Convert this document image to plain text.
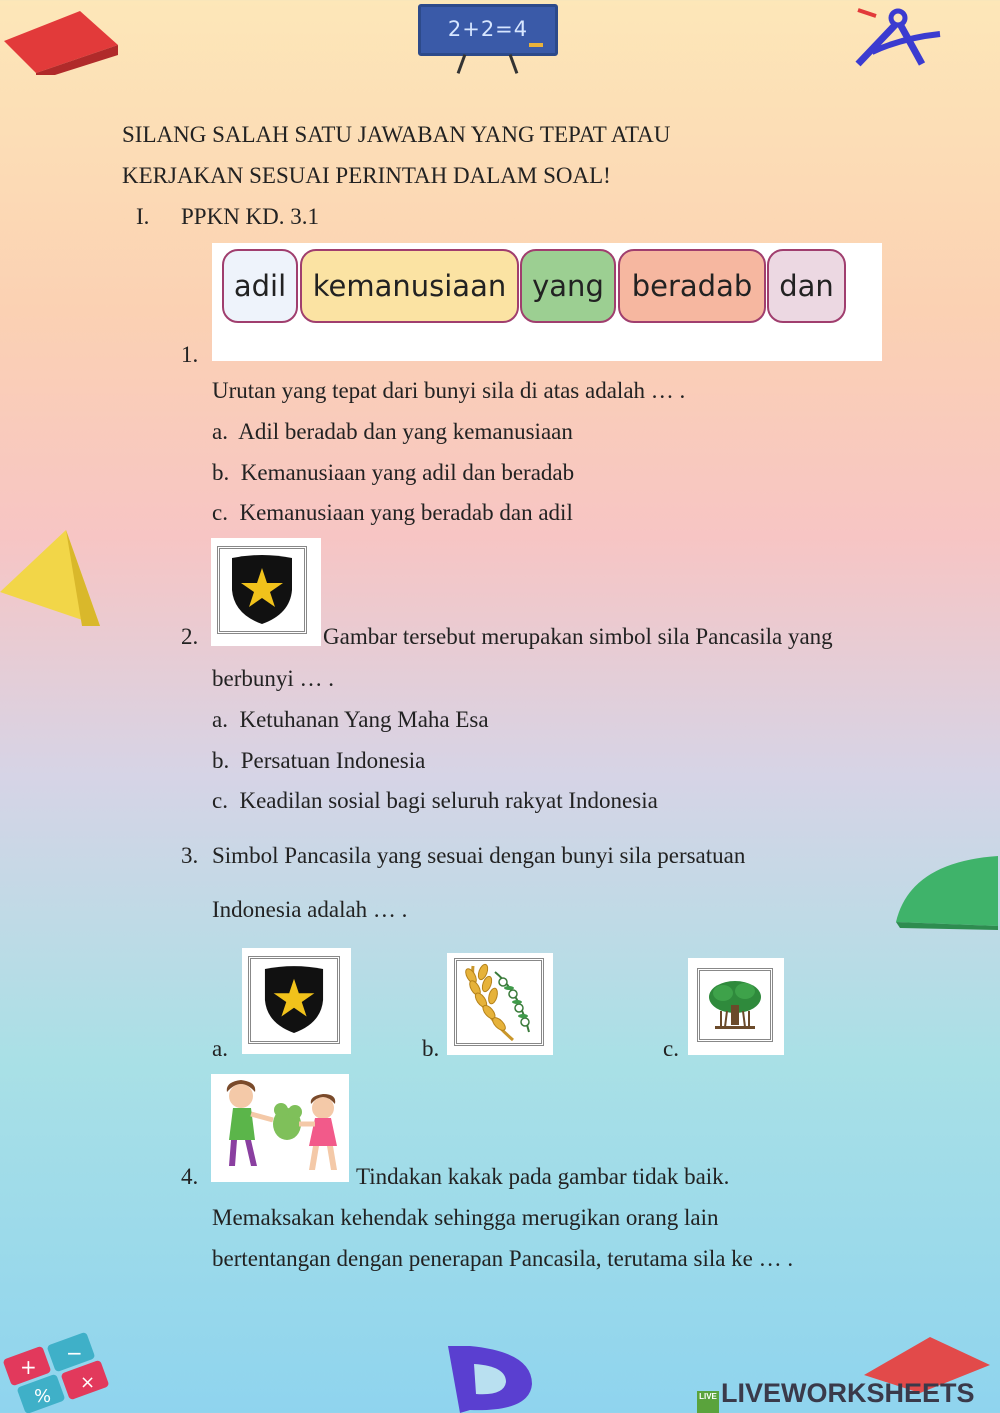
2+2=4
+
−
%
×
LIVE LIVEWORKSHEETS
SILANG SALAH SATU JAWABAN YANG TEPAT ATAU
KERJAKAN SESUAI PERINTAH DALAM SOAL!
I. PPKN KD. 3.1
adil kemanusiaan yang beradab dan
1.
Urutan yang tepat dari bunyi sila di atas adalah … .
a. Adil beradab dan yang kemanusiaan
b. Kemanusiaan yang adil dan beradab
c. Kemanusiaan yang beradab dan adil
2.	Gambar tersebut merupakan simbol sila Pancasila yang
berbunyi … .
a. Ketuhanan Yang Maha Esa
b. Persatuan Indonesia
c. Keadilan sosial bagi seluruh rakyat Indonesia
3. Simbol Pancasila yang sesuai dengan bunyi sila persatuan
Indonesia adalah … .
a.	b.	c.
4.	Tindakan kakak pada gambar tidak baik.
Memaksakan kehendak sehingga merugikan orang lain
bertentangan dengan penerapan Pancasila, terutama sila ke … .
